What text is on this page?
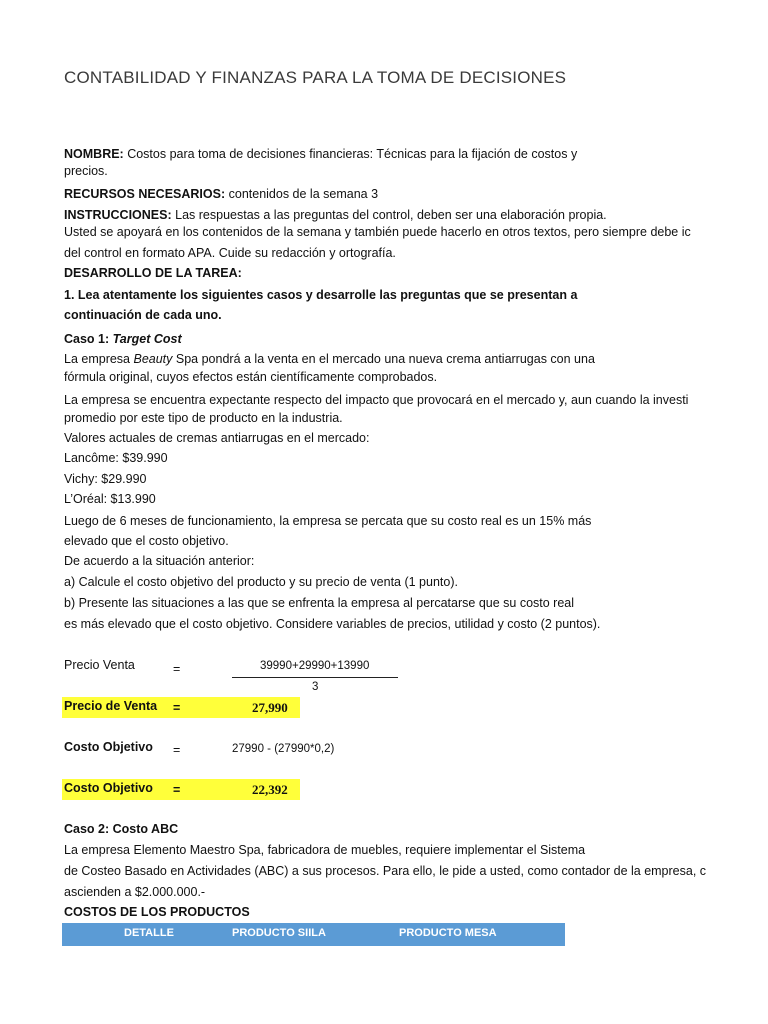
CONTABILIDAD Y FINANZAS PARA LA TOMA DE DECISIONES
NOMBRE: Costos para toma de decisiones financieras: Técnicas para la fijación de costos y
precios.
RECURSOS NECESARIOS: contenidos de la semana 3
INSTRUCCIONES: Las respuestas a las preguntas del control, deben ser una elaboración propia.
Usted se apoyará en los contenidos de la semana y también puede hacerlo en otros textos, pero siempre debe ic
del control en formato APA. Cuide su redacción y ortografía.
DESARROLLO DE LA TAREA:
1. Lea atentamente los siguientes casos y desarrolle las preguntas que se presentan a
continuación de cada uno.
Caso 1: Target Cost
La empresa Beauty Spa pondrá a la venta en el mercado una nueva crema antiarrugas con una
fórmula original, cuyos efectos están científicamente comprobados.
La empresa se encuentra expectante respecto del impacto que provocará en el mercado y, aun cuando la investi
promedio por este tipo de producto en la industria.
Valores actuales de cremas antiarrugas en el mercado:
Lancôme: $39.990
Vichy: $29.990
L’Oréal: $13.990
Luego de 6 meses de funcionamiento, la empresa se percata que su costo real es un 15% más
elevado que el costo objetivo.
De acuerdo a la situación anterior:
a) Calcule el costo objetivo del producto y su precio de venta (1 punto).
b) Presente las situaciones a las que se enfrenta la empresa al percatarse que su costo real
es más elevado que el costo objetivo. Considere variables de precios, utilidad y costo (2 puntos).
Precio Venta	=	39990+29990+13990
3
Precio de Venta =	27,990
Costo Objetivo =	27990 - (27990*0,2)
Costo Objetivo =	22,392
Caso 2: Costo ABC
La empresa Elemento Maestro Spa, fabricadora de muebles, requiere implementar el Sistema
de Costeo Basado en Actividades (ABC) a sus procesos. Para ello, le pide a usted, como contador de la empresa, c
ascienden a $2.000.000.-
COSTOS DE LOS PRODUCTOS
DETALLE	PRODUCTO SIILA	PRODUCTO MESA
